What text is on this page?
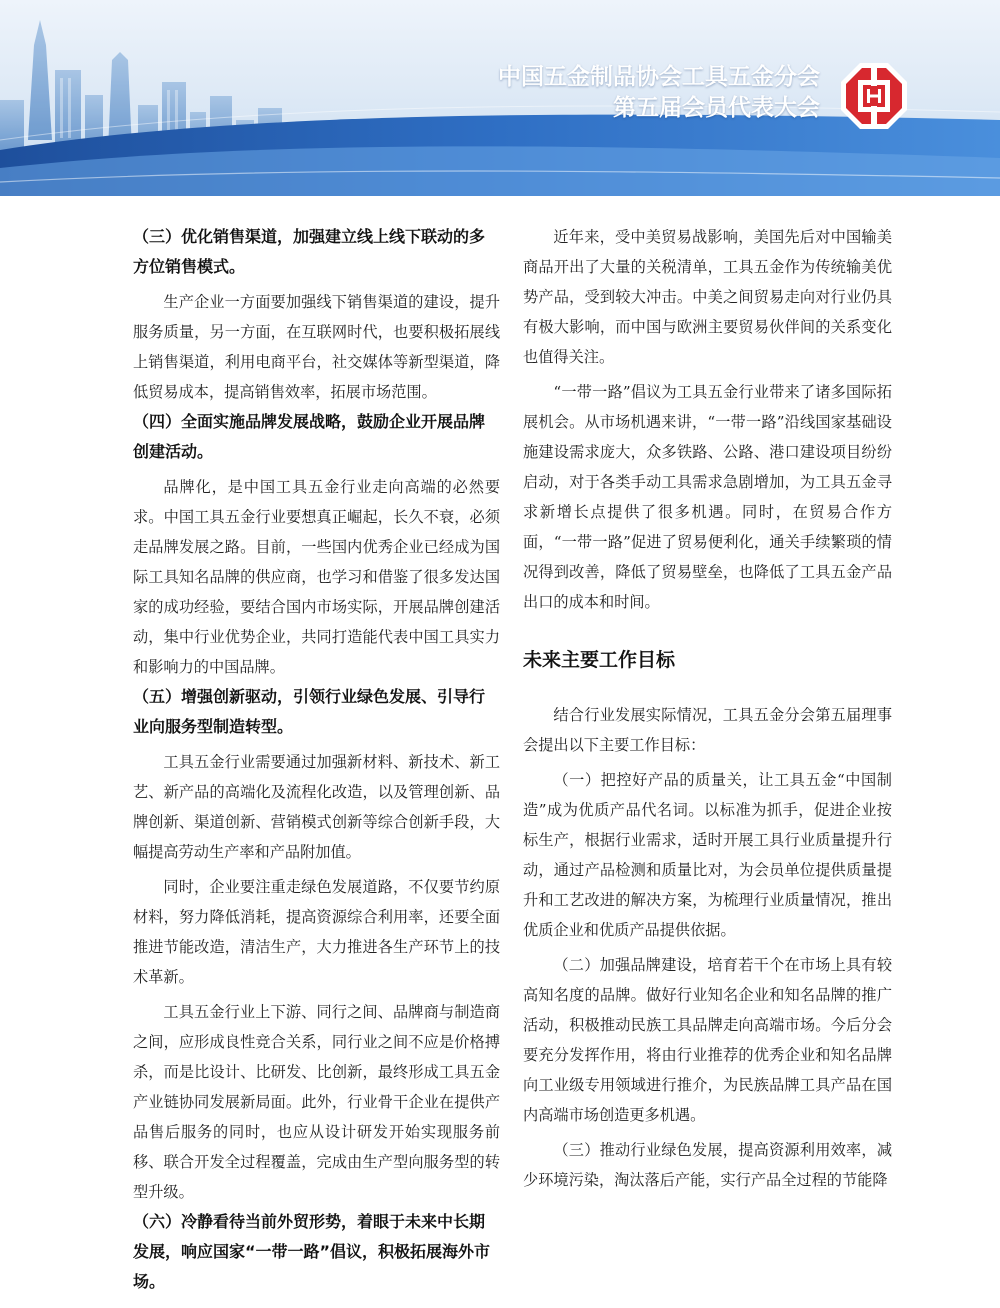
中国五金制品协会工具五金分会
第五届会员代表大会
（三）优化销售渠道，加强建立线上线下联动的多方位销售模式。

生产企业一方面要加强线下销售渠道的建设，提升服务质量，另一方面，在互联网时代，也要积极拓展线上销售渠道，利用电商平台，社交媒体等新型渠道，降低贸易成本，提高销售效率，拓展市场范围。

（四）全面实施品牌发展战略，鼓励企业开展品牌创建活动。

品牌化，是中国工具五金行业走向高端的必然要求。中国工具五金行业要想真正崛起，长久不衰，必须走品牌发展之路。目前，一些国内优秀企业已经成为国际工具知名品牌的供应商，也学习和借鉴了很多发达国家的成功经验，要结合国内市场实际，开展品牌创建活动，集中行业优势企业，共同打造能代表中国工具实力和影响力的中国品牌。

（五）增强创新驱动，引领行业绿色发展、引导行业向服务型制造转型。

工具五金行业需要通过加强新材料、新技术、新工艺、新产品的高端化及流程化改造，以及管理创新、品牌创新、渠道创新、营销模式创新等综合创新手段，大幅提高劳动生产率和产品附加值。

同时，企业要注重走绿色发展道路，不仅要节约原材料，努力降低消耗，提高资源综合利用率，还要全面推进节能改造，清洁生产，大力推进各生产环节上的技术革新。

工具五金行业上下游、同行之间、品牌商与制造商之间，应形成良性竞合关系，同行业之间不应是价格搏杀，而是比设计、比研发、比创新，最终形成工具五金产业链协同发展新局面。此外，行业骨干企业在提供产品售后服务的同时，也应从设计研发开始实现服务前移、联合开发全过程覆盖，完成由生产型向服务型的转型升级。

（六）冷静看待当前外贸形势，着眼于未来中长期发展，响应国家“一带一路”倡议，积极拓展海外市场。

近年来，受中美贸易战影响，美国先后对中国输美商品开出了大量的关税清单，工具五金作为传统输美优势产品，受到较大冲击。中美之间贸易走向对行业仍具有极大影响，而中国与欧洲主要贸易伙伴间的关系变化也值得关注。

“一带一路”倡议为工具五金行业带来了诸多国际拓展机会。从市场机遇来讲，“一带一路”沿线国家基础设施建设需求庞大，众多铁路、公路、港口建设项目纷纷启动，对于各类手动工具需求急剧增加，为工具五金寻求新增长点提供了很多机遇。同时，在贸易合作方面，“一带一路”促进了贸易便利化，通关手续繁琐的情况得到改善，降低了贸易壁垒，也降低了工具五金产品出口的成本和时间。

未来主要工作目标

结合行业发展实际情况，工具五金分会第五届理事会提出以下主要工作目标：

（一）把控好产品的质量关，让工具五金“中国制造”成为优质产品代名词。以标准为抓手，促进企业按标生产，根据行业需求，适时开展工具行业质量提升行动，通过产品检测和质量比对，为会员单位提供质量提升和工艺改进的解决方案，为梳理行业质量情况，推出优质企业和优质产品提供依据。

（二）加强品牌建设，培育若干个在市场上具有较高知名度的品牌。做好行业知名企业和知名品牌的推广活动，积极推动民族工具品牌走向高端市场。今后分会要充分发挥作用，将由行业推荐的优秀企业和知名品牌向工业级专用领域进行推介，为民族品牌工具产品在国内高端市场创造更多机遇。

（三）推动行业绿色发展，提高资源利用效率，减少环境污染，淘汰落后产能，实行产品全过程的节能降
